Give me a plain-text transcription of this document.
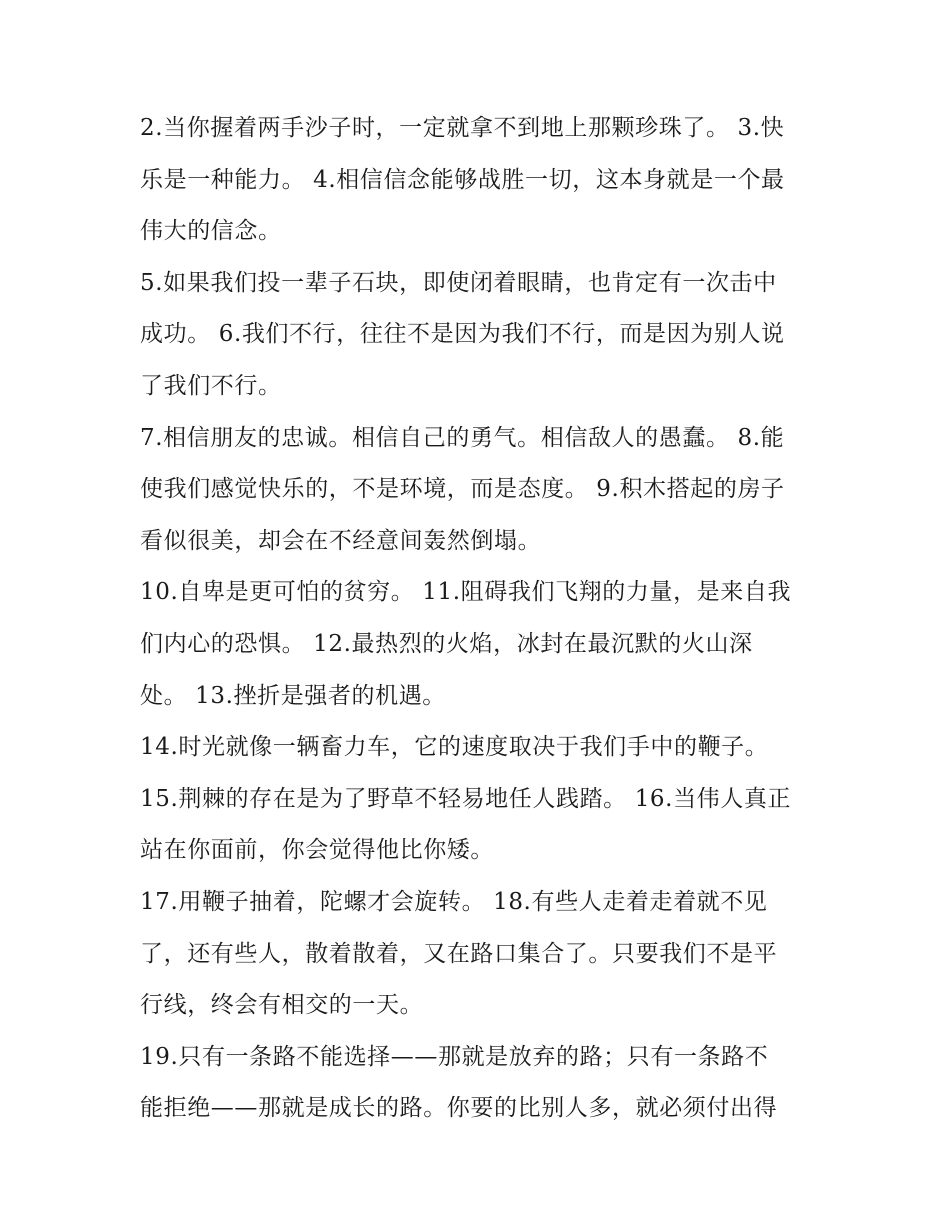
2.当你握着两手沙子时，一定就拿不到地上那颗珍珠了。 3.快
乐是一种能力。 4.相信信念能够战胜一切，这本身就是一个最
伟大的信念。
5.如果我们投一辈子石块，即使闭着眼睛，也肯定有一次击中
成功。 6.我们不行，往往不是因为我们不行，而是因为别人说
了我们不行。
7.相信朋友的忠诚。相信自己的勇气。相信敌人的愚蠢。 8.能
使我们感觉快乐的，不是环境，而是态度。 9.积木搭起的房子
看似很美，却会在不经意间轰然倒塌。
10.自卑是更可怕的贫穷。 11.阻碍我们飞翔的力量，是来自我
们内心的恐惧。 12.最热烈的火焰，冰封在最沉默的火山深
处。 13.挫折是强者的机遇。
14.时光就像一辆畜力车，它的速度取决于我们手中的鞭子。
15.荆棘的存在是为了野草不轻易地任人践踏。 16.当伟人真正
站在你面前，你会觉得他比你矮。
17.用鞭子抽着，陀螺才会旋转。 18.有些人走着走着就不见
了，还有些人，散着散着，又在路口集合了。只要我们不是平
行线，终会有相交的一天。
19.只有一条路不能选择——那就是放弃的路；只有一条路不
能拒绝——那就是成长的路。你要的比别人多，就必须付出得
